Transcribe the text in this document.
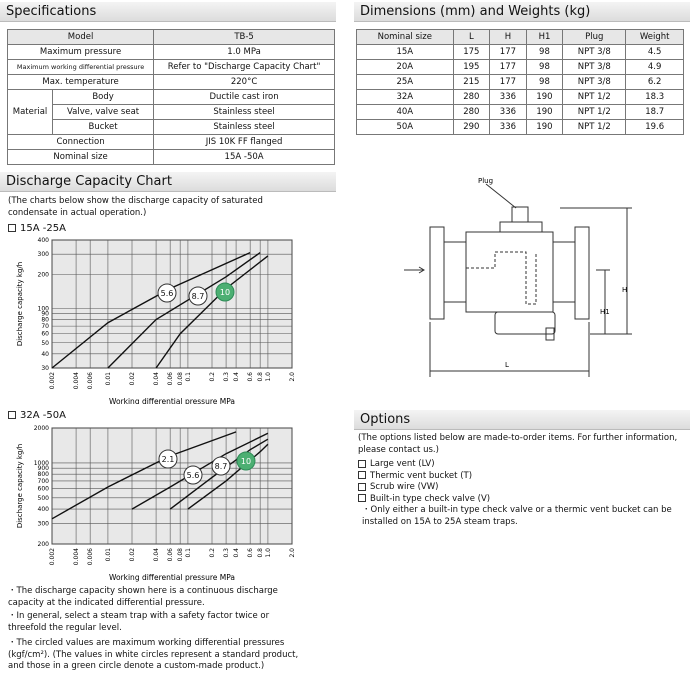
Specifications
Model		TB-5
Maximum pressure		1.0 MPa
Maximum working differential pressure		Refer to "Discharge Capacity Chart"
Max. temperature		220°C
Material	Body	Ductile cast iron
	Valve, valve seat	Stainless steel
	Bucket	Stainless steel
Connection		JIS 10K FF flanged
Nominal size		15A -50A
Dimensions (mm) and Weights (kg)
Nominal size	L	H	H1	Plug	Weight
15A	175	177	98	NPT 3/8	4.5
20A	195	177	98	NPT 3/8	4.9
25A	215	177	98	NPT 3/8	6.2
32A	280	336	190	NPT 1/2	18.3
40A	280	336	190	NPT 1/2	18.7
50A	290	336	190	NPT 1/2	19.6
Discharge Capacity Chart
(The charts below show the discharge capacity of saturated condensate in actual operation.)
15A -25A
0.002	0.004 0.006 0.01	0.02	0.04 0.06 0.08 0.1	0.2 0.3 0.4 0.6 0.8 1.0	2.0
30
40
50
60
70
80
90
100
200
300
400
5.6 8.7 10
Discharge capacity kg/h
Working differential pressure MPa
32A -50A
0.002	0.004 0.006 0.01	0.02	0.04 0.06 0.08 0.1	0.2 0.3 0.4 0.6 0.8 1.0	2.0
200
300
400
500
600
700
800
900
1000
2000
2.1
5.6
8.7
10
Discharge capacity kg/h
Working differential pressure MPa
・The discharge capacity shown here is a continuous discharge capacity at the indicated differential pressure.
・In general, select a steam trap with a safety factor twice or threefold the regular level.
・The circled values are maximum working differential pressures (kgf/cm²). (The values in white circles represent a standard product, and those in a green circle denote a custom-made product.)
Plug
H
H1
L
Options
(The options listed below are made-to-order items. For further information, please contact us.)
Large vent (LV)
Thermic vent bucket (T)
Scrub wire (VW)
Built-in type check valve (V)
・Only either a built-in type check valve or a thermic vent bucket can be installed on 15A to 25A steam traps.
